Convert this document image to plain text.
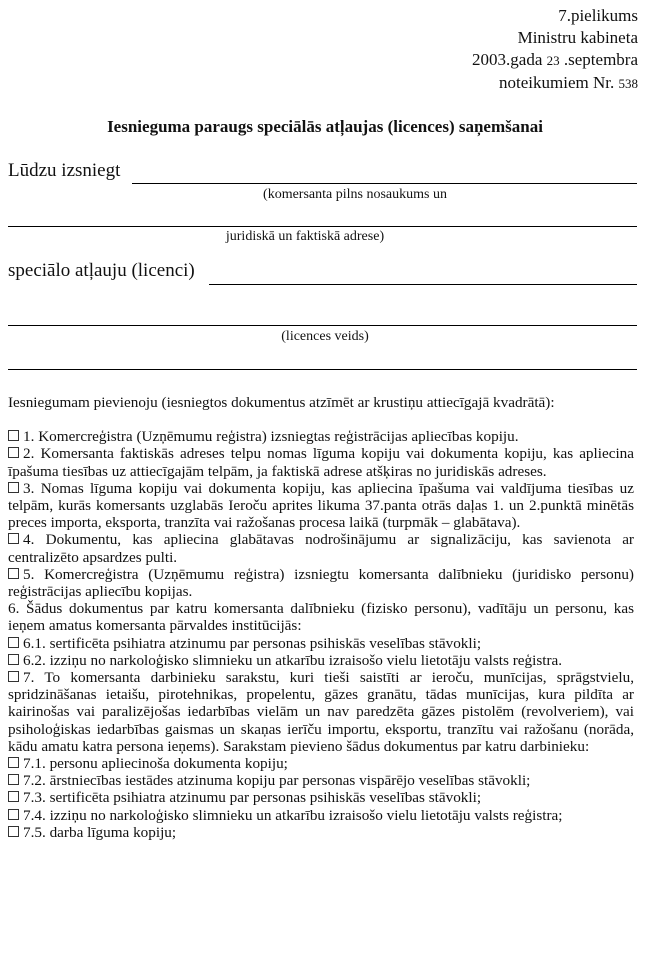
7.pielikums
Ministru kabineta
2003.gada 23 .septembra
noteikumiem Nr. 538
Iesnieguma paraugs speciālās atļaujas (licences) saņemšanai
Lūdzu izsniegt
(komersanta pilns nosaukums un
juridiskā un faktiskā adrese)
speciālo atļauju (licenci)
(licences veids)

Iesniegumam pievienoju (iesniegtos dokumentus atzīmēt ar krustiņu attiecīgajā kvadrātā):

1. Komercreģistra (Uzņēmumu reģistra) izsniegtas reģistrācijas apliecības kopiju.

2. Komersanta faktiskās adreses telpu nomas līguma kopiju vai dokumenta kopiju, kas apliecina īpašuma tiesības uz attiecīgajām telpām, ja faktiskā adrese atšķiras no juridiskās adreses.

3. Nomas līguma kopiju vai dokumenta kopiju, kas apliecina īpašuma vai valdījuma tiesības uz telpām, kurās komersants uzglabās Ieroču aprites likuma 37.panta otrās daļas 1. un 2.punktā minētās preces importa, eksporta, tranzīta vai ražošanas procesa laikā (turpmāk – glabātava).

4. Dokumentu, kas apliecina glabātavas nodrošinājumu ar signalizāciju, kas savienota ar centralizēto apsardzes pulti.

5. Komercreģistra (Uzņēmumu reģistra) izsniegtu komersanta dalībnieku (juridisko personu) reģistrācijas apliecību kopijas.

6. Šādus dokumentus par katru komersanta dalībnieku (fizisko personu), vadītāju un personu, kas ieņem amatus komersanta pārvaldes institūcijās:

6.1. sertificēta psihiatra atzinumu par personas psihiskās veselības stāvokli;

6.2. izziņu no narkoloģisko slimnieku un atkarību izraisošo vielu lietotāju valsts reģistra.

7. To komersanta darbinieku sarakstu, kuri tieši saistīti ar ieroču, munīcijas, sprāgstvielu, spridzināšanas ietaišu, pirotehnikas, propelentu, gāzes granātu, tādas munīcijas, kura pildīta ar kairinošas vai paralizējošas iedarbības vielām un nav paredzēta gāzes pistolēm (revolveriem), vai psiholoģiskas iedarbības gaismas un skaņas ierīču importu, eksportu, tranzītu vai ražošanu (norāda, kādu amatu katra persona ieņems). Sarakstam pievieno šādus dokumentus par katru darbinieku:

7.1. personu apliecinoša dokumenta kopiju;

7.2. ārstniecības iestādes atzinuma kopiju par personas vispārējo veselības stāvokli;

7.3. sertificēta psihiatra atzinumu par personas psihiskās veselības stāvokli;

7.4. izziņu no narkoloģisko slimnieku un atkarību izraisošo vielu lietotāju valsts reģistra;

7.5. darba līguma kopiju;
